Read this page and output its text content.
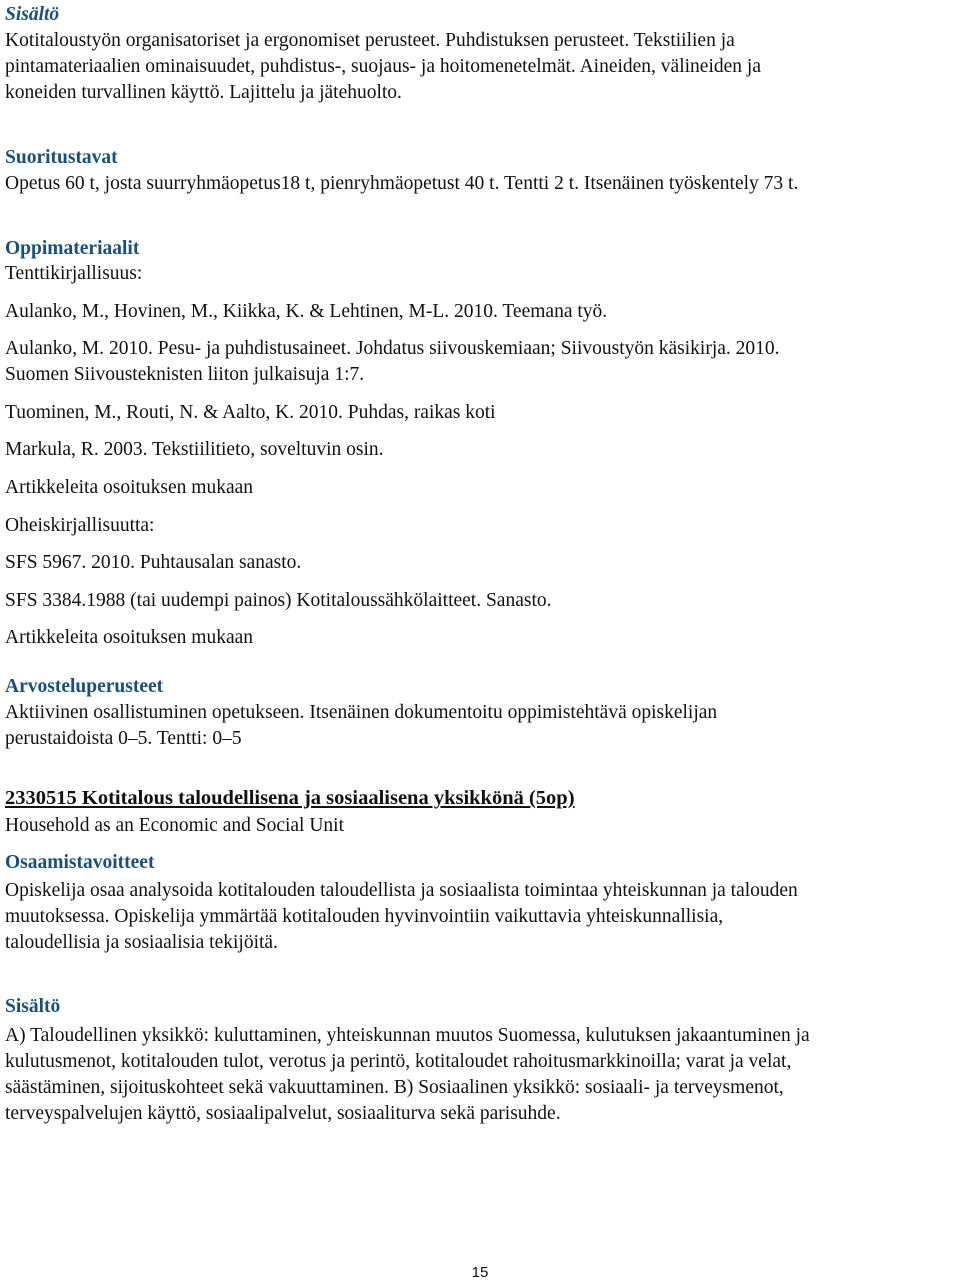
Sisältö
Kotitaloustyön organisatoriset ja ergonomiset perusteet. Puhdistuksen perusteet. Tekstiilien ja
pintamateriaalien ominaisuudet, puhdistus-, suojaus- ja hoitomenetelmät. Aineiden, välineiden ja
koneiden turvallinen käyttö. Lajittelu ja jätehuolto.
Suoritustavat
Opetus 60 t, josta suurryhmäopetus18 t, pienryhmäopetust 40 t. Tentti 2 t. Itsenäinen työskentely 73 t.
Oppimateriaalit
Tenttikirjallisuus:
Aulanko, M., Hovinen, M., Kiikka, K. & Lehtinen, M-L. 2010. Teemana työ.
Aulanko, M. 2010. Pesu- ja puhdistusaineet. Johdatus siivouskemiaan; Siivoustyön käsikirja. 2010.
Suomen Siivousteknisten liiton julkaisuja 1:7.
Tuominen, M., Routi, N. & Aalto, K. 2010. Puhdas, raikas koti
Markula, R. 2003. Tekstiilitieto, soveltuvin osin.
Artikkeleita osoituksen mukaan
Oheiskirjallisuutta:
SFS 5967. 2010. Puhtausalan sanasto.
SFS 3384.1988 (tai uudempi painos) Kotitaloussähkölaitteet. Sanasto.
Artikkeleita osoituksen mukaan
Arvosteluperusteet
Aktiivinen osallistuminen opetukseen. Itsenäinen dokumentoitu oppimistehtävä opiskelijan
perustaidoista 0–5. Tentti: 0–5
2330515 Kotitalous taloudellisena ja sosiaalisena yksikkönä (5op)
Household as an Economic and Social Unit
Osaamistavoitteet
Opiskelija osaa analysoida kotitalouden taloudellista ja sosiaalista toimintaa yhteiskunnan ja talouden
muutoksessa. Opiskelija ymmärtää kotitalouden hyvinvointiin vaikuttavia yhteiskunnallisia,
taloudellisia ja sosiaalisia tekijöitä.
Sisältö
A) Taloudellinen yksikkö: kuluttaminen, yhteiskunnan muutos Suomessa, kulutuksen jakaantuminen ja
kulutusmenot, kotitalouden tulot, verotus ja perintö, kotitaloudet rahoitusmarkkinoilla; varat ja velat,
säästäminen, sijoituskohteet sekä vakuuttaminen. B) Sosiaalinen yksikkö: sosiaali- ja terveysmenot,
terveyspalvelujen käyttö, sosiaalipalvelut, sosiaaliturva sekä parisuhde.
15
